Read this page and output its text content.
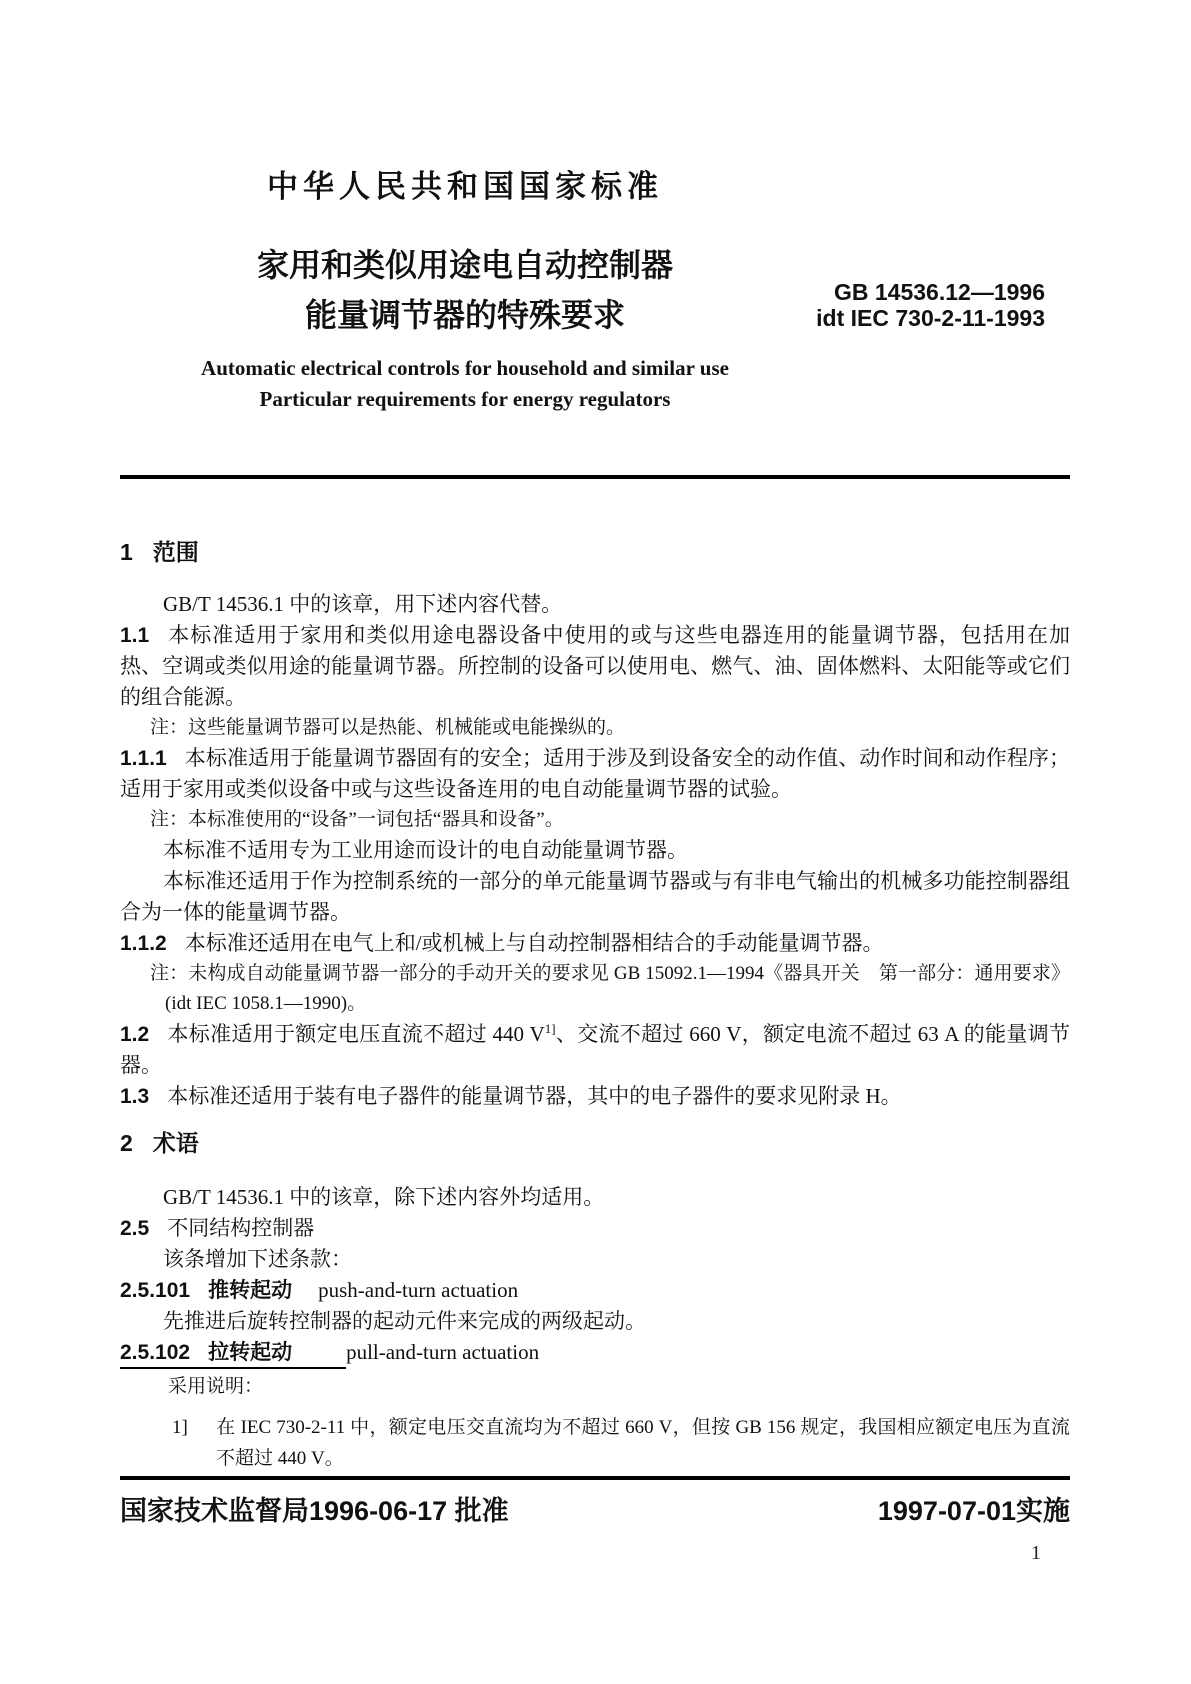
中华人民共和国国家标准
家用和类似用途电自动控制器
能量调节器的特殊要求
Automatic electrical controls for household and similar use
Particular requirements for energy regulators
GB 14536.12—1996
idt IEC 730-2-11-1993
1 范围

GB/T 14536.1 中的该章，用下述内容代替。

1.1 本标准适用于家用和类似用途电器设备中使用的或与这些电器连用的能量调节器，包括用在加热、空调或类似用途的能量调节器。所控制的设备可以使用电、燃气、油、固体燃料、太阳能等或它们的组合能源。

注：这些能量调节器可以是热能、机械能或电能操纵的。

1.1.1 本标准适用于能量调节器固有的安全；适用于涉及到设备安全的动作值、动作时间和动作程序；适用于家用或类似设备中或与这些设备连用的电自动能量调节器的试验。

注：本标准使用的“设备”一词包括“器具和设备”。

本标准不适用专为工业用途而设计的电自动能量调节器。

本标准还适用于作为控制系统的一部分的单元能量调节器或与有非电气输出的机械多功能控制器组合为一体的能量调节器。

1.1.2 本标准还适用在电气上和/或机械上与自动控制器相结合的手动能量调节器。

注：未构成自动能量调节器一部分的手动开关的要求见 GB 15092.1—1994《器具开关　第一部分：通用要求》(idt IEC 1058.1—1990)。

1.2 本标准适用于额定电压直流不超过 440 V$^{1]}$、交流不超过 660 V，额定电流不超过 63 A 的能量调节器。

1.3 本标准还适用于装有电子器件的能量调节器，其中的电子器件的要求见附录 H。

2 术语

GB/T 14536.1 中的该章，除下述内容外均适用。

2.5 不同结构控制器

该条增加下述条款：

2.5.101 推转起动 push-and-turn actuation

先推进后旋转控制器的起动元件来完成的两级起动。

2.5.102 拉转起动	pull-and-turn actuation

采用说明：

1] 在 IEC 730-2-11 中，额定电压交直流均为不超过 660 V，但按 GB 156 规定，我国相应额定电压为直流不超过 440 V。

国家技术监督局1996-06-17 批准	1997-07-01实施
1
